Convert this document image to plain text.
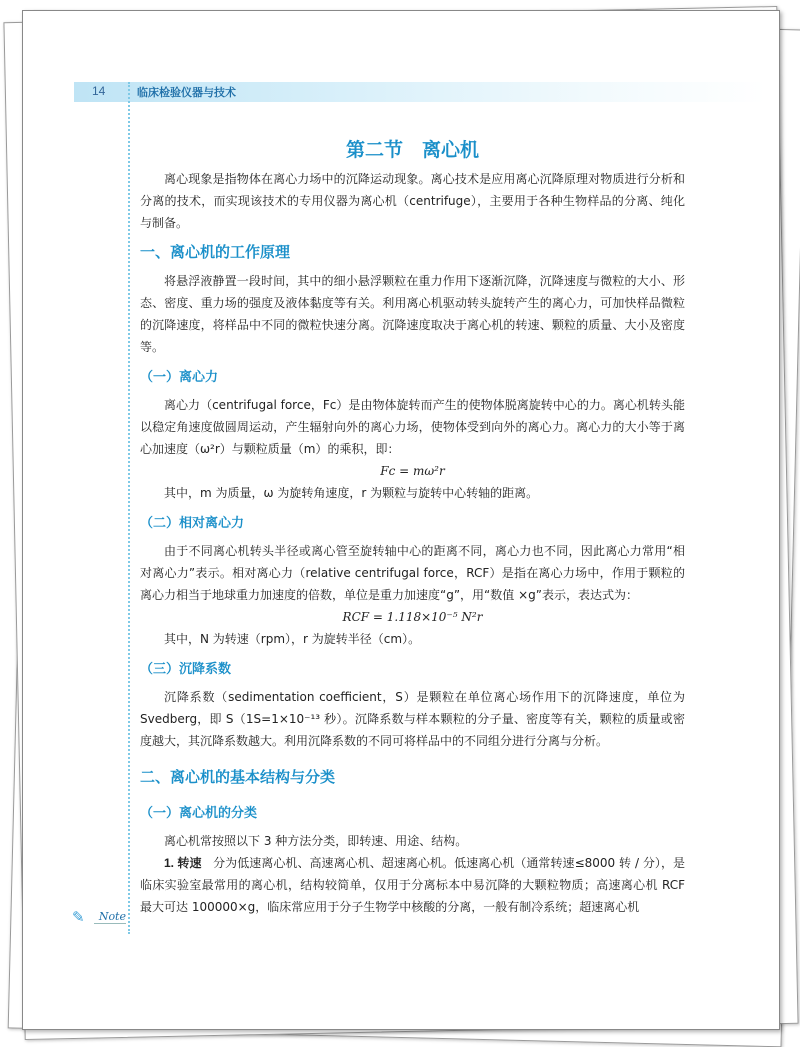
14	临床检验仪器与技术
第二节　离心机

离心现象是指物体在离心力场中的沉降运动现象。离心技术是应用离心沉降原理对物质进行分析和分离的技术，而实现该技术的专用仪器为离心机（centrifuge），主要用于各种生物样品的分离、纯化与制备。

一、离心机的工作原理

将悬浮液静置一段时间，其中的细小悬浮颗粒在重力作用下逐渐沉降，沉降速度与微粒的大小、形态、密度、重力场的强度及液体黏度等有关。利用离心机驱动转头旋转产生的离心力，可加快样品微粒的沉降速度，将样品中不同的微粒快速分离。沉降速度取决于离心机的转速、颗粒的质量、大小及密度等。

（一）离心力

离心力（centrifugal force，Fc）是由物体旋转而产生的使物体脱离旋转中心的力。离心机转头能以稳定角速度做圆周运动，产生辐射向外的离心力场，使物体受到向外的离心力。离心力的大小等于离心加速度（ω²r）与颗粒质量（m）的乘积，即：

Fc = mω²r

其中，m 为质量，ω 为旋转角速度，r 为颗粒与旋转中心转轴的距离。

（二）相对离心力

由于不同离心机转头半径或离心管至旋转轴中心的距离不同，离心力也不同，因此离心力常用“相对离心力”表示。相对离心力（relative centrifugal force，RCF）是指在离心力场中，作用于颗粒的离心力相当于地球重力加速度的倍数，单位是重力加速度“g”，用“数值 ×g”表示，表达式为：

RCF = 1.118×10⁻⁵ N²r

其中，N 为转速（rpm），r 为旋转半径（cm）。

（三）沉降系数

沉降系数（sedimentation coefficient，S）是颗粒在单位离心场作用下的沉降速度，单位为 Svedberg，即 S（1S=1×10⁻¹³ 秒）。沉降系数与样本颗粒的分子量、密度等有关，颗粒的质量或密度越大，其沉降系数越大。利用沉降系数的不同可将样品中的不同组分进行分离与分析。

二、离心机的基本结构与分类
（一）离心机的分类

离心机常按照以下 3 种方法分类，即转速、用途、结构。

1. 转速 分为低速离心机、高速离心机、超速离心机。低速离心机（通常转速≤8000 转 / 分），是临床实验室最常用的离心机，结构较简单，仅用于分离标本中易沉降的大颗粒物质；高速离心机 RCF 最大可达 100000×g，临床常应用于分子生物学中核酸的分离，一般有制冷系统；超速离心机

✎	Note
